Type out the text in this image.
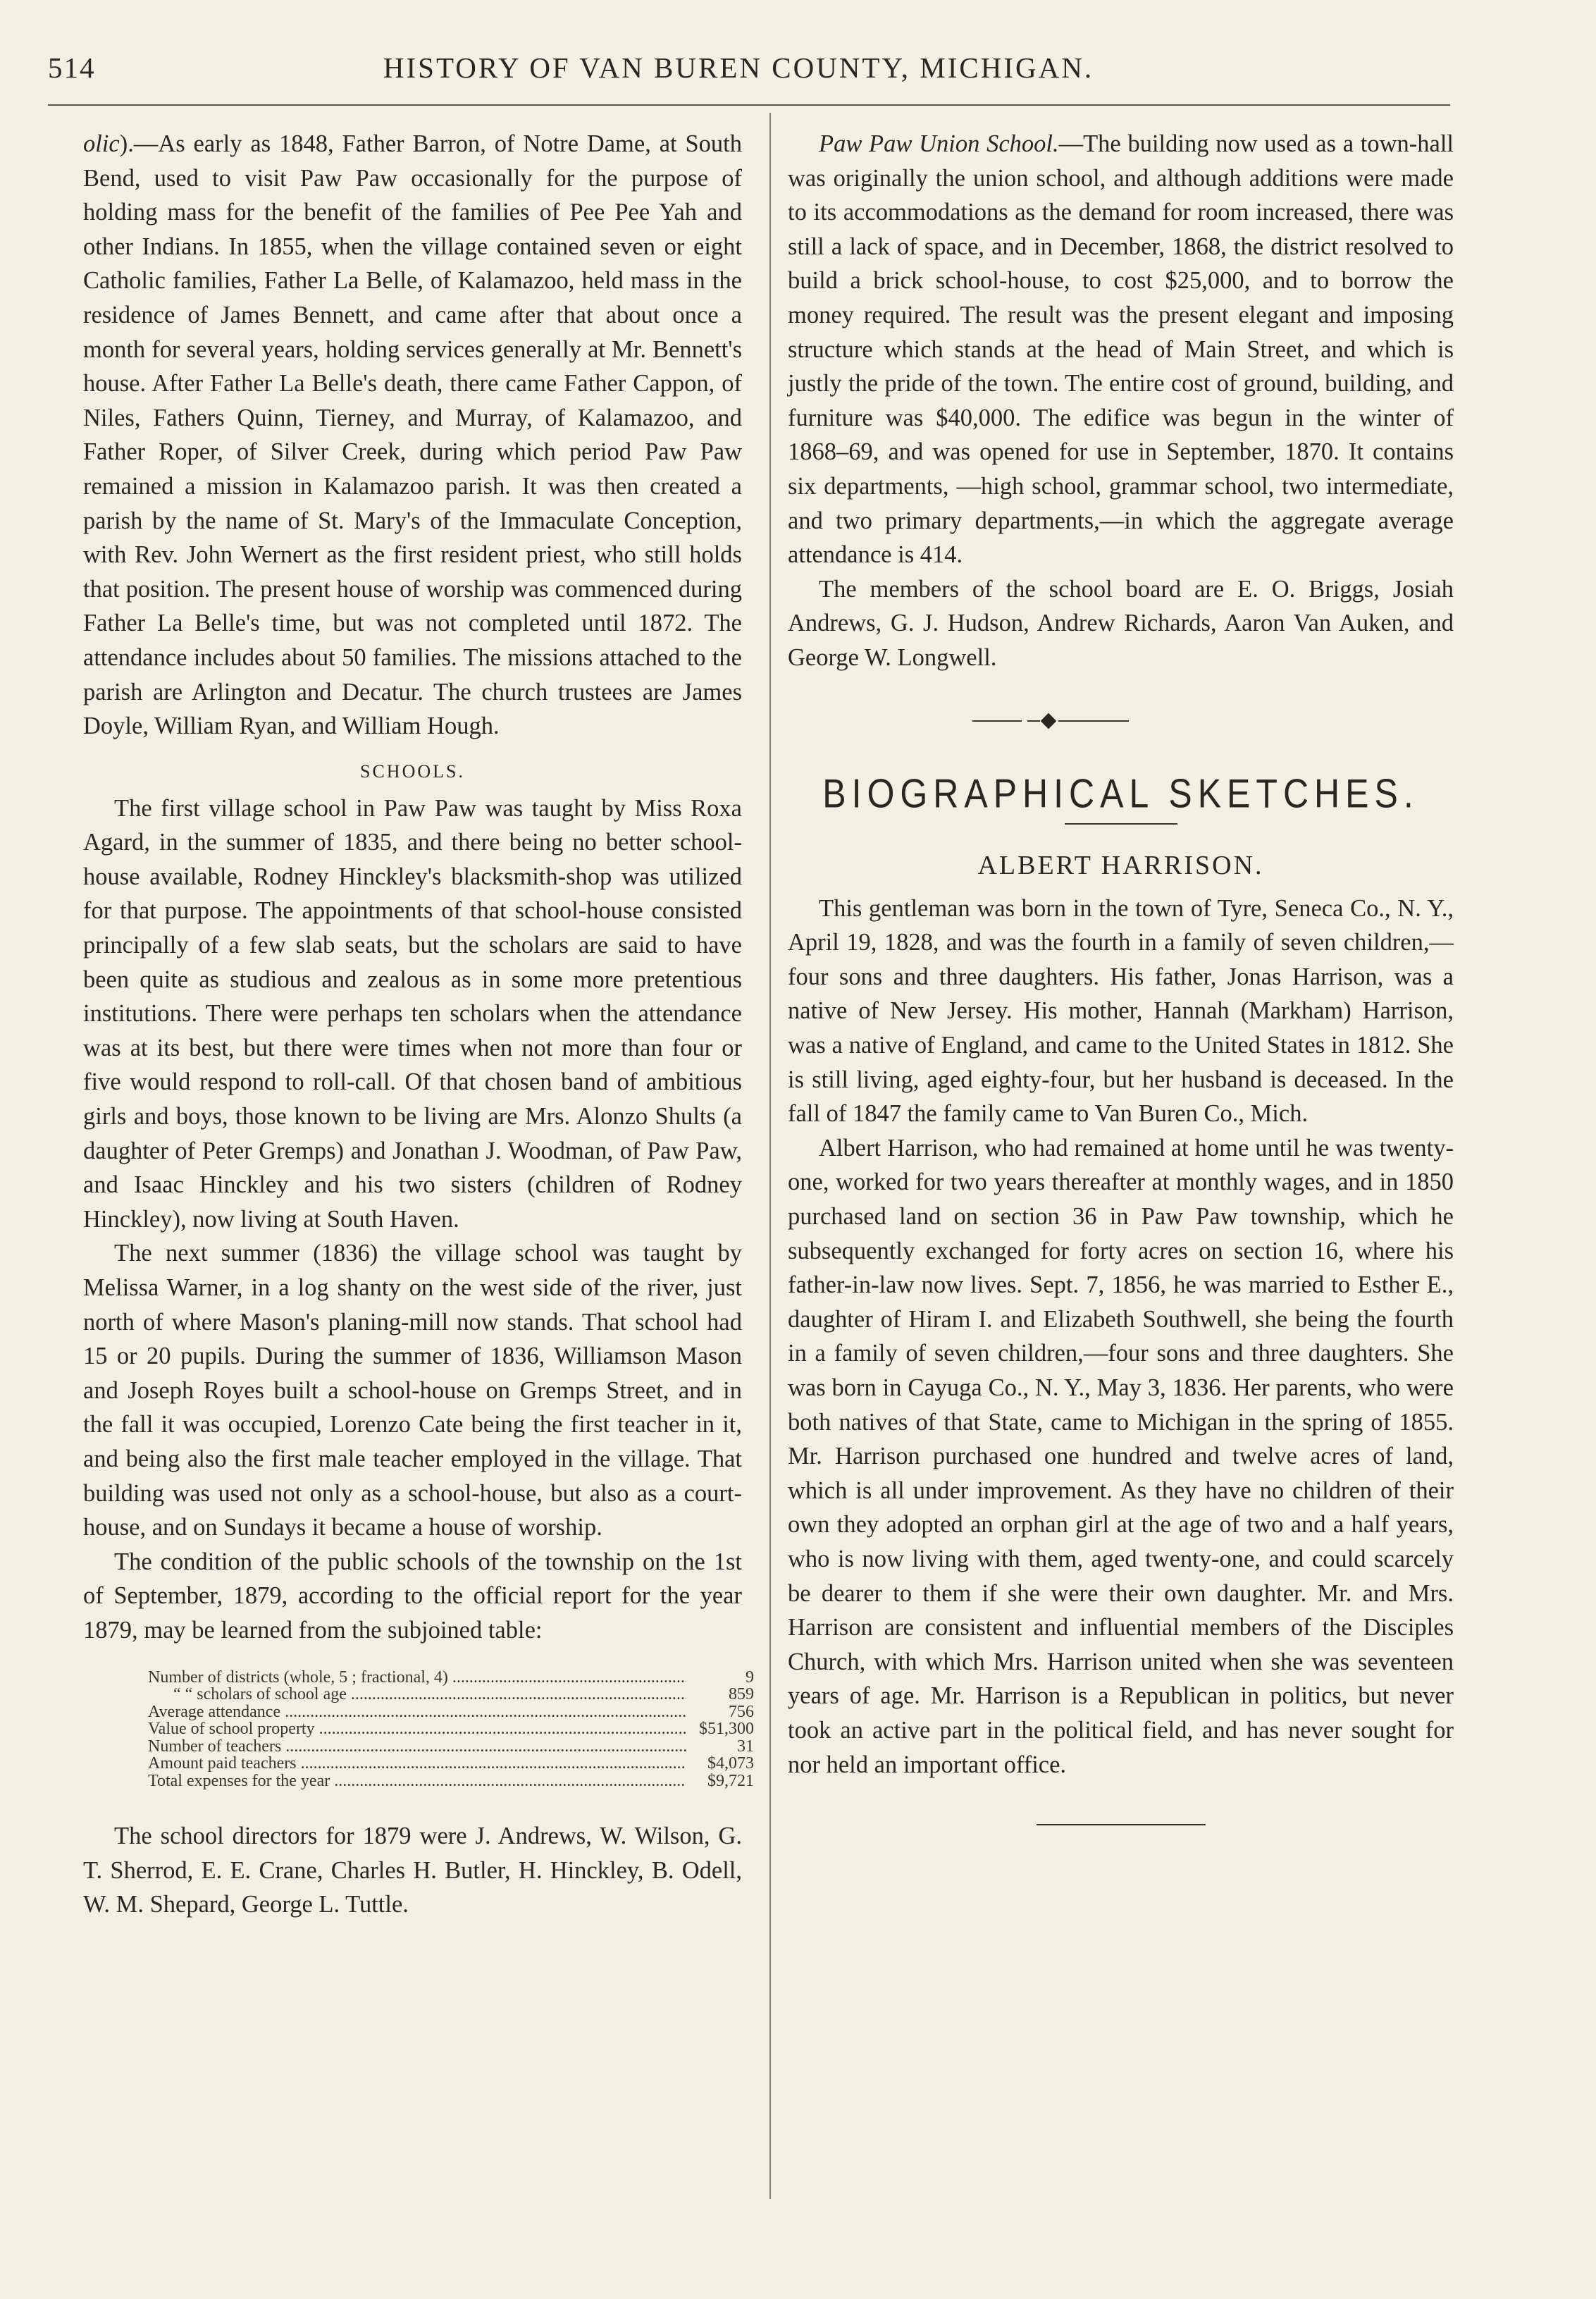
514	HISTORY OF VAN BUREN COUNTY, MICHIGAN.

olic).—As early as 1848, Father Barron, of Notre Dame, at South Bend, used to visit Paw Paw occasionally for the purpose of holding mass for the benefit of the families of Pee Pee Yah and other Indians. In 1855, when the village contained seven or eight Catholic families, Father La Belle, of Kalamazoo, held mass in the residence of James Bennett, and came after that about once a month for several years, holding services generally at Mr. Bennett's house. After Father La Belle's death, there came Father Cappon, of Niles, Fathers Quinn, Tierney, and Murray, of Kalamazoo, and Father Roper, of Silver Creek, during which period Paw Paw remained a mission in Kalamazoo parish. It was then created a parish by the name of St. Mary's of the Immaculate Conception, with Rev. John Wernert as the first resident priest, who still holds that position. The present house of worship was commenced during Father La Belle's time, but was not completed until 1872. The attendance includes about 50 families. The missions attached to the parish are Arlington and Decatur. The church trustees are James Doyle, William Ryan, and William Hough.

SCHOOLS.

The first village school in Paw Paw was taught by Miss Roxa Agard, in the summer of 1835, and there being no better school-house available, Rodney Hinckley's blacksmith-shop was utilized for that purpose. The appointments of that school-house consisted principally of a few slab seats, but the scholars are said to have been quite as studious and zealous as in some more pretentious institutions. There were perhaps ten scholars when the attendance was at its best, but there were times when not more than four or five would respond to roll-call. Of that chosen band of ambitious girls and boys, those known to be living are Mrs. Alonzo Shults (a daughter of Peter Gremps) and Jonathan J. Woodman, of Paw Paw, and Isaac Hinckley and his two sisters (children of Rodney Hinckley), now living at South Haven.

The next summer (1836) the village school was taught by Melissa Warner, in a log shanty on the west side of the river, just north of where Mason's planing-mill now stands. That school had 15 or 20 pupils. During the summer of 1836, Williamson Mason and Joseph Royes built a school-house on Gremps Street, and in the fall it was occupied, Lorenzo Cate being the first teacher in it, and being also the first male teacher employed in the village. That building was used not only as a school-house, but also as a court-house, and on Sundays it became a house of worship.

The condition of the public schools of the township on the 1st of September, 1879, according to the official report for the year 1879, may be learned from the subjoined table:

Number of districts (whole, 5 ; fractional, 4) .....	9
“ “ scholars of school age .....	859
Average attendance .....	756
Value of school property .....	$51,300
Number of teachers .....	31
Amount paid teachers .....	$4,073
Total expenses for the year .....	$9,721

The school directors for 1879 were J. Andrews, W. Wilson, G. T. Sherrod, E. E. Crane, Charles H. Butler, H. Hinckley, B. Odell, W. M. Shepard, George L. Tuttle.

Paw Paw Union School.—The building now used as a town-hall was originally the union school, and although additions were made to its accommodations as the demand for room increased, there was still a lack of space, and in December, 1868, the district resolved to build a brick school-house, to cost $25,000, and to borrow the money required. The result was the present elegant and imposing structure which stands at the head of Main Street, and which is justly the pride of the town. The entire cost of ground, building, and furniture was $40,000. The edifice was begun in the winter of 1868–69, and was opened for use in September, 1870. It contains six departments, —high school, grammar school, two intermediate, and two primary departments,—in which the aggregate average attendance is 414.

The members of the school board are E. O. Briggs, Josiah Andrews, G. J. Hudson, Andrew Richards, Aaron Van Auken, and George W. Longwell.

BIOGRAPHICAL SKETCHES.
ALBERT HARRISON.

This gentleman was born in the town of Tyre, Seneca Co., N. Y., April 19, 1828, and was the fourth in a family of seven children,—four sons and three daughters. His father, Jonas Harrison, was a native of New Jersey. His mother, Hannah (Markham) Harrison, was a native of England, and came to the United States in 1812. She is still living, aged eighty-four, but her husband is deceased. In the fall of 1847 the family came to Van Buren Co., Mich.

Albert Harrison, who had remained at home until he was twenty-one, worked for two years thereafter at monthly wages, and in 1850 purchased land on section 36 in Paw Paw township, which he subsequently exchanged for forty acres on section 16, where his father-in-law now lives. Sept. 7, 1856, he was married to Esther E., daughter of Hiram I. and Elizabeth Southwell, she being the fourth in a family of seven children,—four sons and three daughters. She was born in Cayuga Co., N. Y., May 3, 1836. Her parents, who were both natives of that State, came to Michigan in the spring of 1855. Mr. Harrison purchased one hundred and twelve acres of land, which is all under improvement. As they have no children of their own they adopted an orphan girl at the age of two and a half years, who is now living with them, aged twenty-one, and could scarcely be dearer to them if she were their own daughter. Mr. and Mrs. Harrison are consistent and influential members of the Disciples Church, with which Mrs. Harrison united when she was seventeen years of age. Mr. Harrison is a Republican in politics, but never took an active part in the political field, and has never sought for nor held an important office.
